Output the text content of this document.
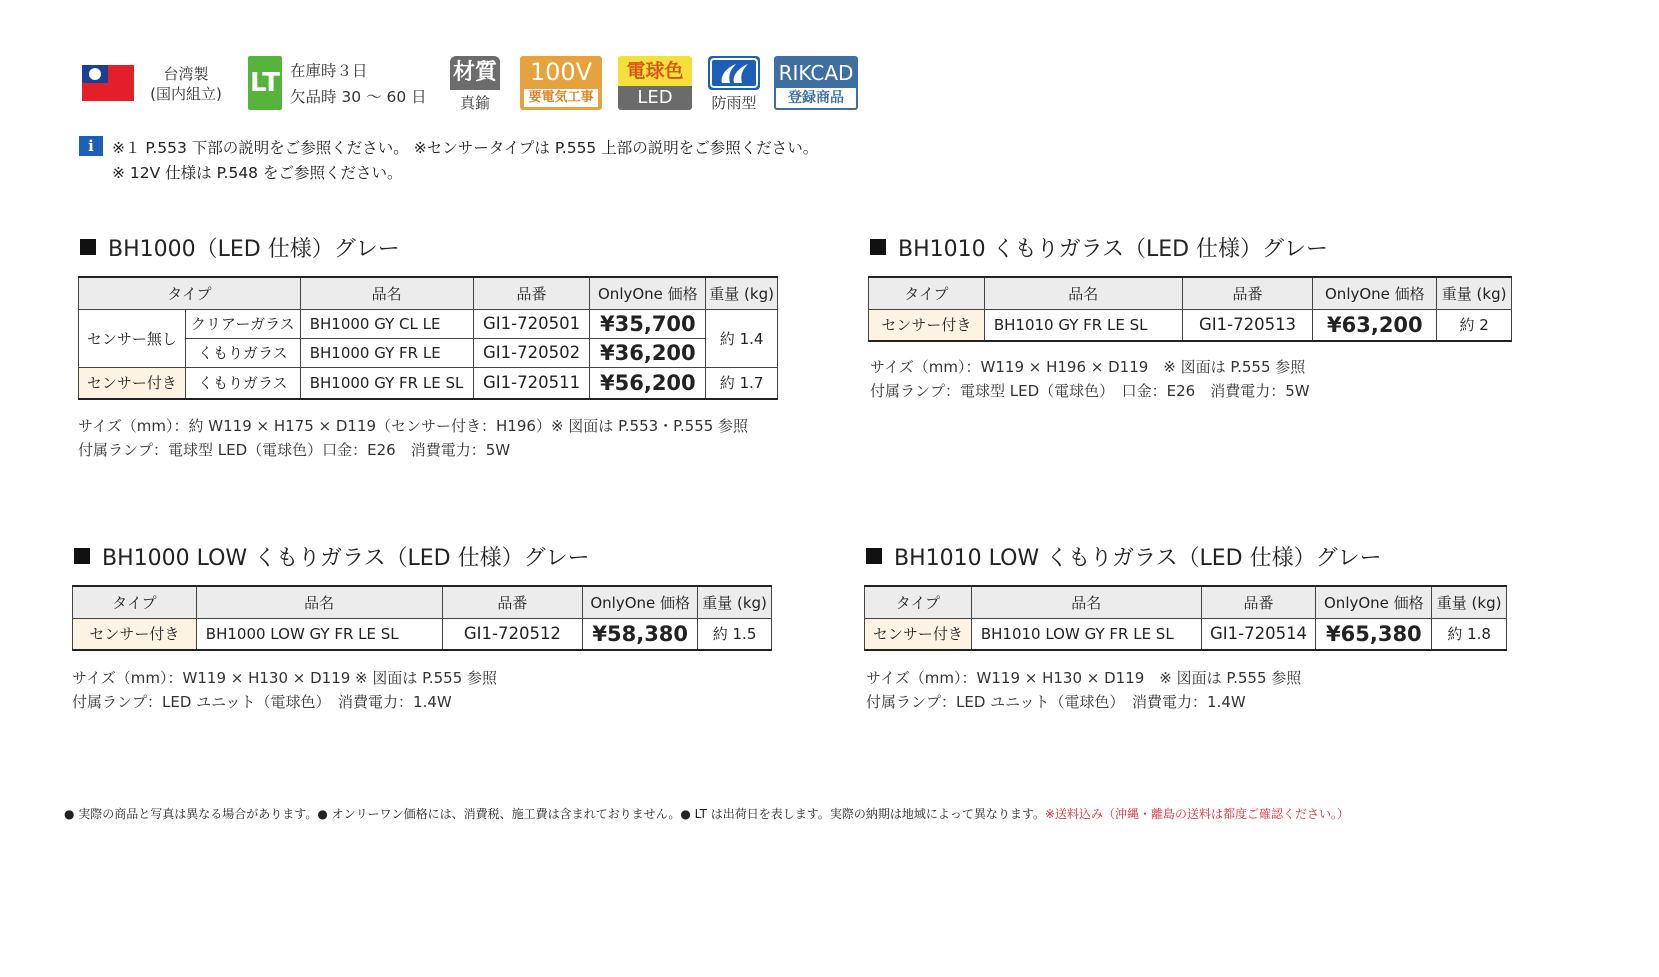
台湾製
(国内組立)	LT 在庫時３日
欠品時 30 〜 60 日
材質
真鍮
100V
要電気工事
電球色
LED	防雨型
RIKCAD
登録商品
i	※１ P.553 下部の説明をご参照ください。 ※センサータイプは P.555 上部の説明をご参照ください。
※ 12V 仕様は P.548 をご参照ください。
BH1000（LED 仕様）グレー
タイプ		品名	品番	OnlyOne 価格	重量 (kg)
センサー無し	クリアーガラス	BH1000 GY CL LE	GI1-720501	¥35,700	約 1.4
	くもりガラス	BH1000 GY FR LE	GI1-720502	¥36,200	
センサー付き	くもりガラス	BH1000 GY FR LE SL	GI1-720511	¥56,200	約 1.7
サイズ（mm）：約 W119 × H175 × D119（センサー付き：H196）※ 図面は P.553・P.555 参照
付属ランプ：電球型 LED（電球色）口金：E26　消費電力：5W
BH1010 くもりガラス（LED 仕様）グレー
タイプ	品名	品番	OnlyOne 価格	重量 (kg)
センサー付き	BH1010 GY FR LE SL	GI1-720513	¥63,200	約 2
サイズ（mm）：W119 × H196 × D119　※ 図面は P.555 参照
付属ランプ：電球型 LED（電球色）　口金：E26　消費電力：5W
BH1000 LOW くもりガラス（LED 仕様）グレー
タイプ	品名	品番	OnlyOne 価格	重量 (kg)
センサー付き	BH1000 LOW GY FR LE SL	GI1-720512	¥58,380	約 1.5
サイズ（mm）：W119 × H130 × D119 ※ 図面は P.555 参照
付属ランプ：LED ユニット（電球色）　消費電力：1.4W
BH1010 LOW くもりガラス（LED 仕様）グレー
タイプ	品名	品番	OnlyOne 価格	重量 (kg)
センサー付き	BH1010 LOW GY FR LE SL	GI1-720514	¥65,380	約 1.8
サイズ（mm）：W119 × H130 × D119　※ 図面は P.555 参照
付属ランプ：LED ユニット（電球色）　消費電力：1.4W
● 実際の商品と写真は異なる場合があります。● オンリーワン価格には、消費税、施工費は含まれておりません。● LT は出荷日を表します。実際の納期は地域によって異なります。※送料込み（沖縄・離島の送料は都度ご確認ください。）
